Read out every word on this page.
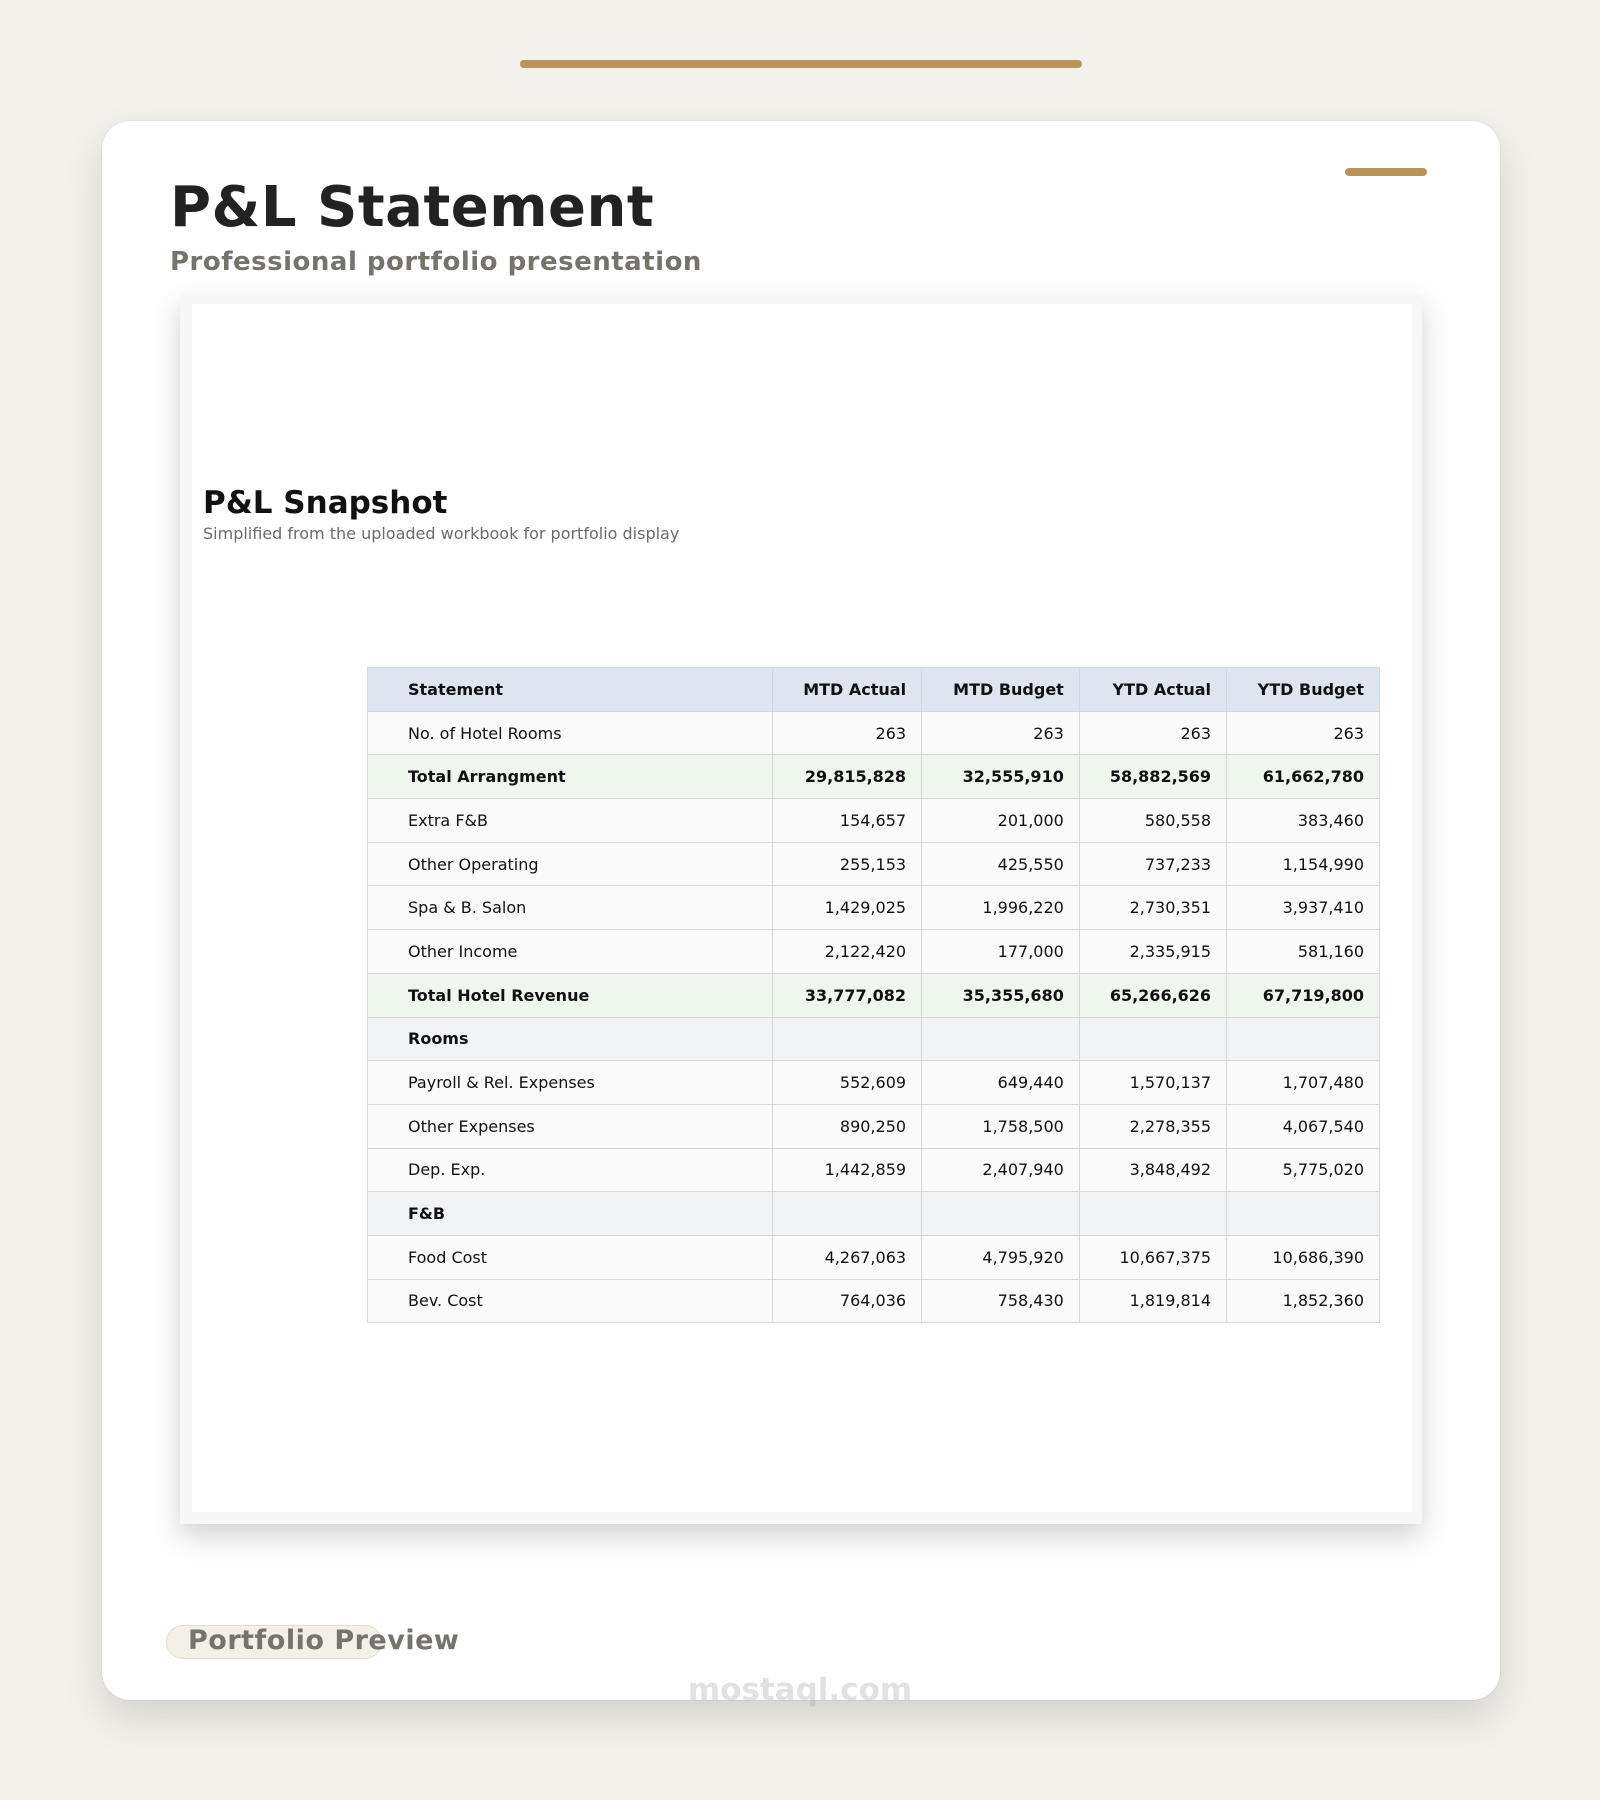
P&L Statement
Professional portfolio presentation
P&L Snapshot
Simplified from the uploaded workbook for portfolio display
Statement	MTD Actual	MTD Budget	YTD Actual	YTD Budget
No. of Hotel Rooms	263	263	263	263
Total Arrangment	29,815,828	32,555,910	58,882,569	61,662,780
Extra F&B	154,657	201,000	580,558	383,460
Other Operating	255,153	425,550	737,233	1,154,990
Spa & B. Salon	1,429,025	1,996,220	2,730,351	3,937,410
Other Income	2,122,420	177,000	2,335,915	581,160
Total Hotel Revenue	33,777,082	35,355,680	65,266,626	67,719,800
Rooms				
Payroll & Rel. Expenses	552,609	649,440	1,570,137	1,707,480
Other Expenses	890,250	1,758,500	2,278,355	4,067,540
Dep. Exp.	1,442,859	2,407,940	3,848,492	5,775,020
F&B				
Food Cost	4,267,063	4,795,920	10,667,375	10,686,390
Bev. Cost	764,036	758,430	1,819,814	1,852,360
Portfolio Preview
mostaql.com
